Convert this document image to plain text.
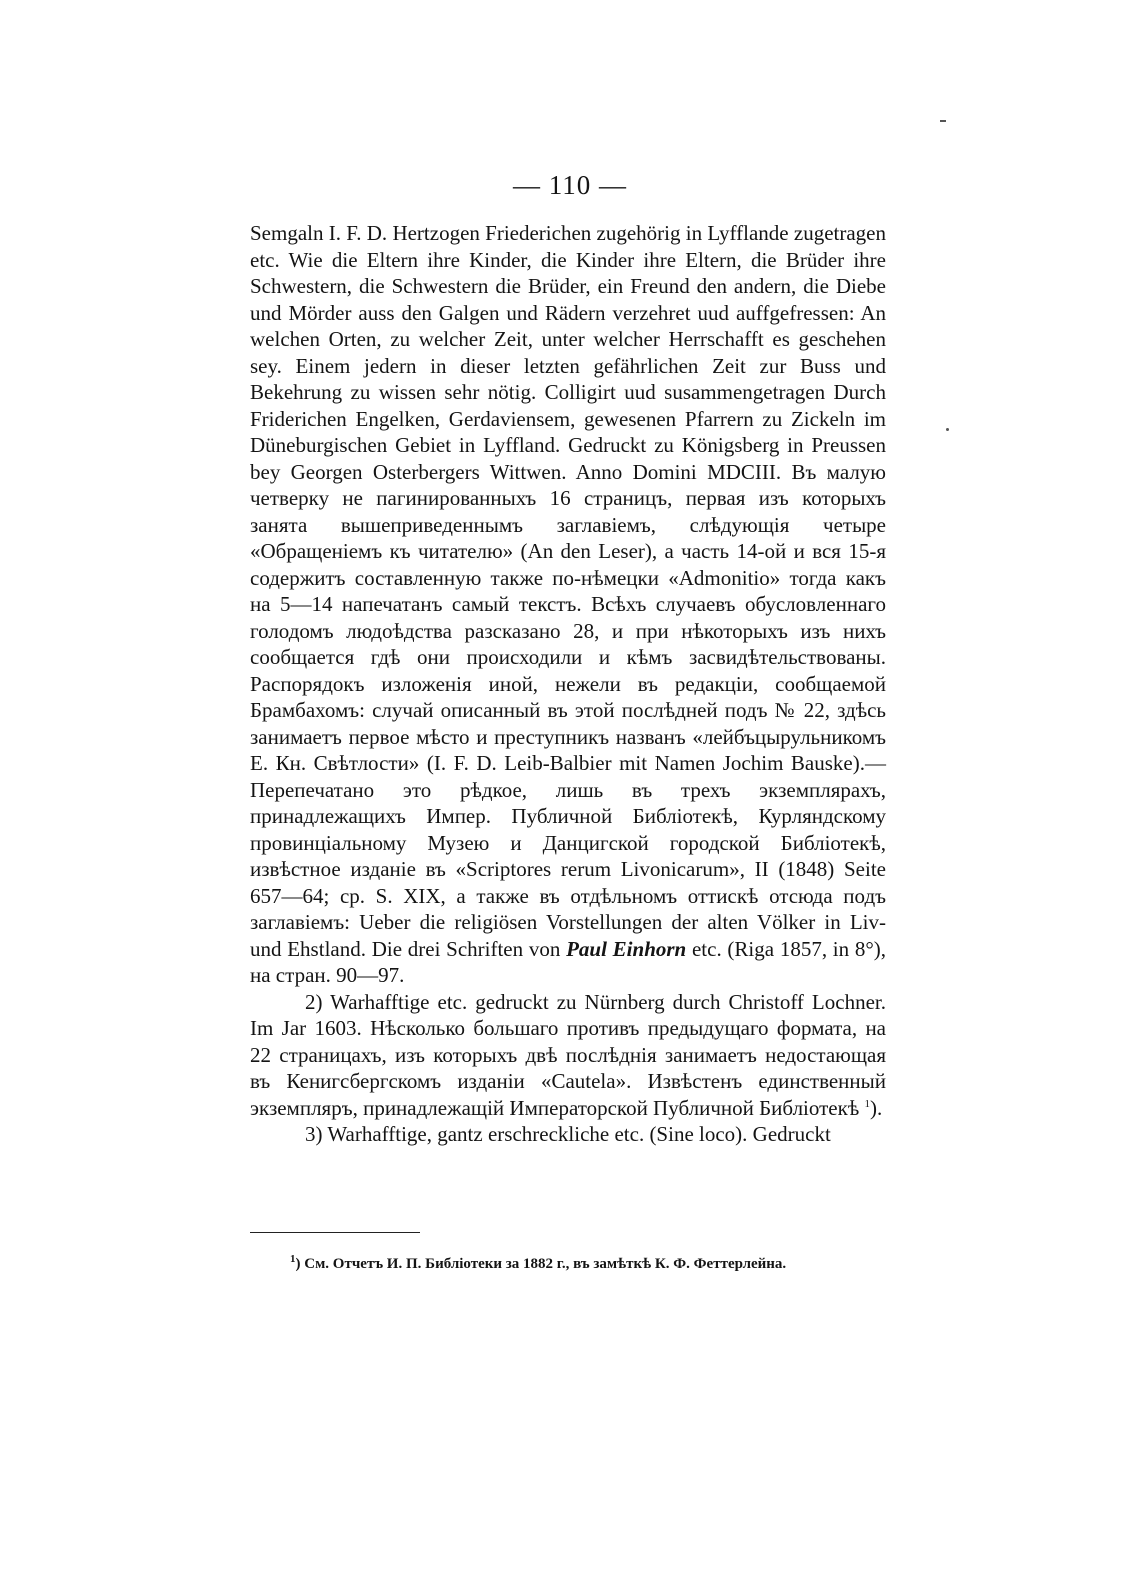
— 110 —

Semgaln I. F. D. Hertzogen Friederichen zugehörig in Lyfflande zugetragen etc. Wie die Eltern ihre Kinder, die Kinder ihre Eltern, die Brüder ihre Schwestern, die Schwestern die Brüder, ein Freund den andern, die Diebe und Mörder auss den Galgen und Rädern verzehret uud auffgefressen: An welchen Orten, zu welcher Zeit, unter welcher Herrschafft es geschehen sey. Einem jedern in dieser letzten gefährlichen Zeit zur Buss und Bekehrung zu wissen sehr nötig. Colligirt uud susammengetragen Durch Friderichen Engelken, Gerdaviensem, gewesenen Pfarrern zu Zickeln im Düneburgischen Gebiet in Lyffland. Gedruckt zu Königsberg in Preussen bey Georgen Osterbergers Wittwen. Anno Domini MDCIII. Въ малую четверку не пагинированныхъ 16 страницъ, первая изъ которыхъ занята вышеприведеннымъ заглавіемъ, слѣдующія четыре «Обращеніемъ къ читателю» (An den Leser), а часть 14-ой и вся 15-я содержитъ составленную также по-нѣмецки «Admonitio» тогда какъ на 5—14 напечатанъ самый текстъ. Всѣхъ случаевъ обусловленнаго голодомъ людоѣдства разсказано 28, и при нѣкоторыхъ изъ нихъ сообщается гдѣ они происходили и кѣмъ засвидѣтельствованы. Распорядокъ изложенія иной, нежели въ редакціи, сообщаемой Брамбахомъ: случай описанный въ этой послѣдней подъ № 22, здѣсь занимаетъ первое мѣсто и преступникъ названъ «лейбъцырульникомъ Е. Кн. Свѣтлости» (I. F. D. Leib-Balbier mit Namen Jochim Bauske).—Перепечатано это рѣдкое, лишь въ трехъ экземплярахъ, принадлежащихъ Импер. Публичной Библіотекѣ, Курляндскому провинціальному Музею и Данцигской городской Библіотекѣ, извѣстное изданіе въ «Scriptores rerum Livonicarum», II (1848) Seite 657—64; ср. S. XIX, а также въ отдѣльномъ оттискѣ отсюда подъ заглавіемъ: Ueber die religiösen Vorstellungen der alten Völker in Liv- und Ehstland. Die drei Schriften von Paul Einhorn etc. (Riga 1857, in 8°), на стран. 90—97.

2) Warhafftige etc. gedruckt zu Nürnberg durch Christoff Lochner. Im Jar 1603. Нѣсколько большаго противъ предыдущаго формата, на 22 страницахъ, изъ которыхъ двѣ послѣднія занимаетъ недостающая въ Кенигсбергскомъ изданіи «Cautela». Извѣстенъ единственный экземпляръ, принадлежащій Императорской Публичной Библіотекѣ $^1$).

3) Warhafftige, gantz erschreckliche etc. (Sine loco). Gedruckt

$^1$) См. Отчетъ И. П. Библіотеки за 1882 г., въ замѣткѣ К. Ф. Феттерлейна.
